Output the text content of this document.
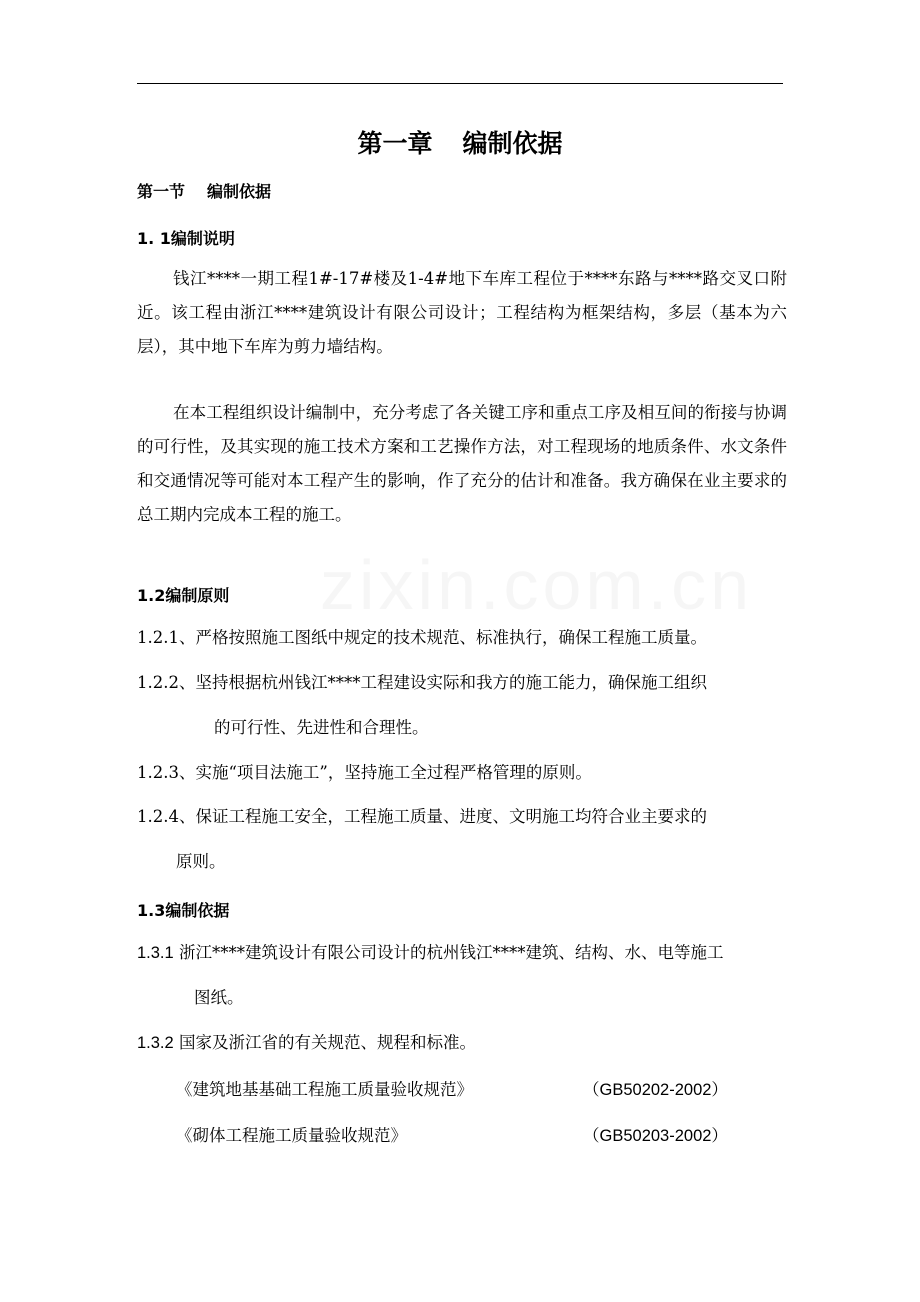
zixin.com.cn
第一章 编制依据
第一节 编制依据
1. 1编制说明
钱江****一期工程1#-17#楼及1-4#地下车库工程位于****东路与****路交叉口附近。该工程由浙江****建筑设计有限公司设计；工程结构为框架结构，多层（基本为六层），其中地下车库为剪力墙结构。
在本工程组织设计编制中，充分考虑了各关键工序和重点工序及相互间的衔接与协调的可行性，及其实现的施工技术方案和工艺操作方法，对工程现场的地质条件、水文条件和交通情况等可能对本工程产生的影响，作了充分的估计和准备。我方确保在业主要求的总工期内完成本工程的施工。
1.2编制原则
1.2.1、严格按照施工图纸中规定的技术规范、标准执行，确保工程施工质量。
1.2.2、坚持根据杭州钱江****工程建设实际和我方的施工能力，确保施工组织
的可行性、先进性和合理性。
1.2.3、实施“项目法施工”，坚持施工全过程严格管理的原则。
1.2.4、保证工程施工安全，工程施工质量、进度、文明施工均符合业主要求的
原则。
1.3编制依据
1.3.1 浙江****建筑设计有限公司设计的杭州钱江****建筑、结构、水、电等施工
图纸。
1.3.2 国家及浙江省的有关规范、规程和标准。
《建筑地基基础工程施工质量验收规范》	（GB50202-2002）
《砌体工程施工质量验收规范》	（GB50203-2002）
